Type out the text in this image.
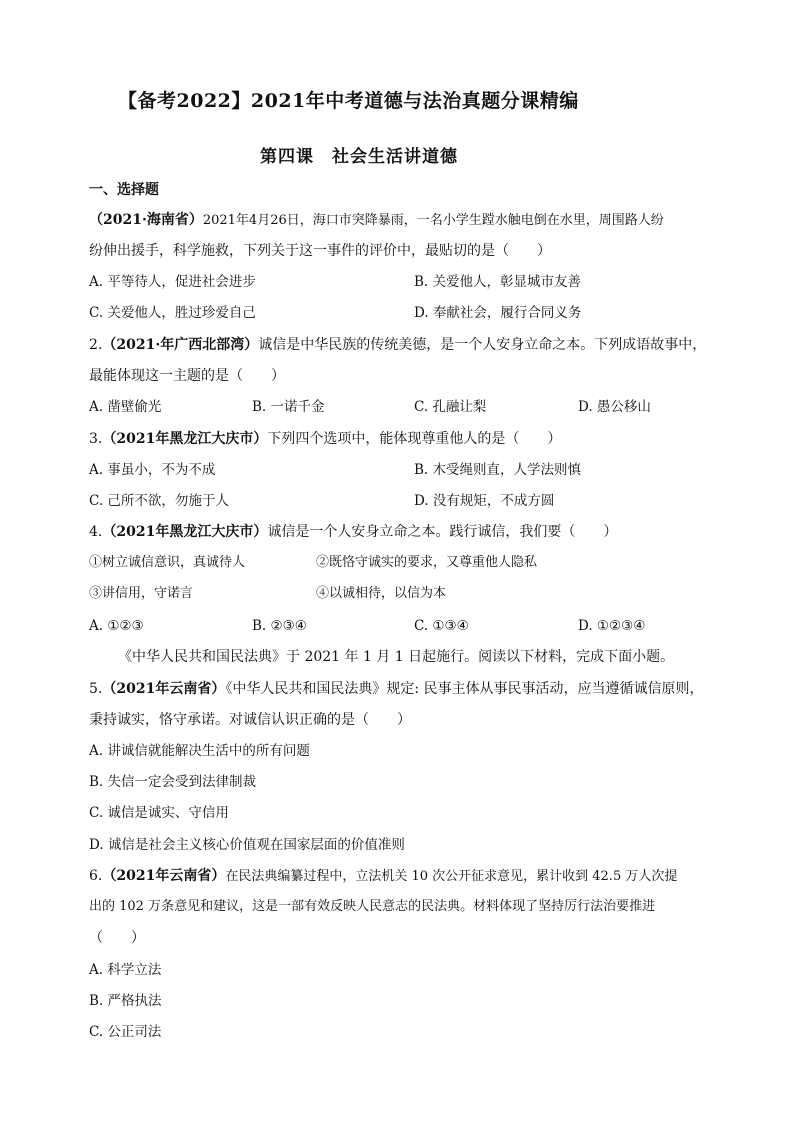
【备考2022】2021年中考道德与法治真题分课精编
第四课　社会生活讲道德
一、选择题
（2021·海南省）2021年4月26日，海口市突降暴雨，一名小学生蹚水触电倒在水里，周围路人纷
纷伸出援手，科学施救，下列关于这一事件的评价中，最贴切的是（　　）
A. 平等待人，促进社会进步	B. 关爱他人，彰显城市友善
C. 关爱他人，胜过珍爱自己	D. 奉献社会，履行合同义务
2.（2021·年广西北部湾）诚信是中华民族的传统美德，是一个人安身立命之本。下列成语故事中，
最能体现这一主题的是（　　）
A. 凿壁偷光	B. 一诺千金	C. 孔融让梨	D. 愚公移山
3.（2021年黑龙江大庆市）下列四个选项中，能体现尊重他人的是（　　）
A. 事虽小，不为不成	B. 木受绳则直，人学法则慎
C. 己所不欲，勿施于人	D. 没有规矩，不成方圆
4.（2021年黑龙江大庆市）诚信是一个人安身立命之本。践行诚信，我们要（　　）
①树立诚信意识，真诚待人	②既恪守诚实的要求，又尊重他人隐私
③讲信用，守诺言	④以诚相待，以信为本
A. ①②③	B. ②③④	C. ①③④	D. ①②③④
《中华人民共和国民法典》于 2021 年 1 月 1 日起施行。阅读以下材料，完成下面小题。
5.（2021年云南省）《中华人民共和国民法典》规定: 民事主体从事民事活动，应当遵循诚信原则，
秉持诚实，恪守承诺。对诚信认识正确的是（　　）
A. 讲诚信就能解决生活中的所有问题
B. 失信一定会受到法律制裁
C. 诚信是诚实、守信用
D. 诚信是社会主义核心价值观在国家层面的价值准则
6.（2021年云南省）在民法典编纂过程中，立法机关 10 次公开征求意见，累计收到 42.5 万人次提
出的 102 万条意见和建议，这是一部有效反映人民意志的民法典。材料体现了坚持厉行法治要推进
（　　）
A. 科学立法
B. 严格执法
C. 公正司法
